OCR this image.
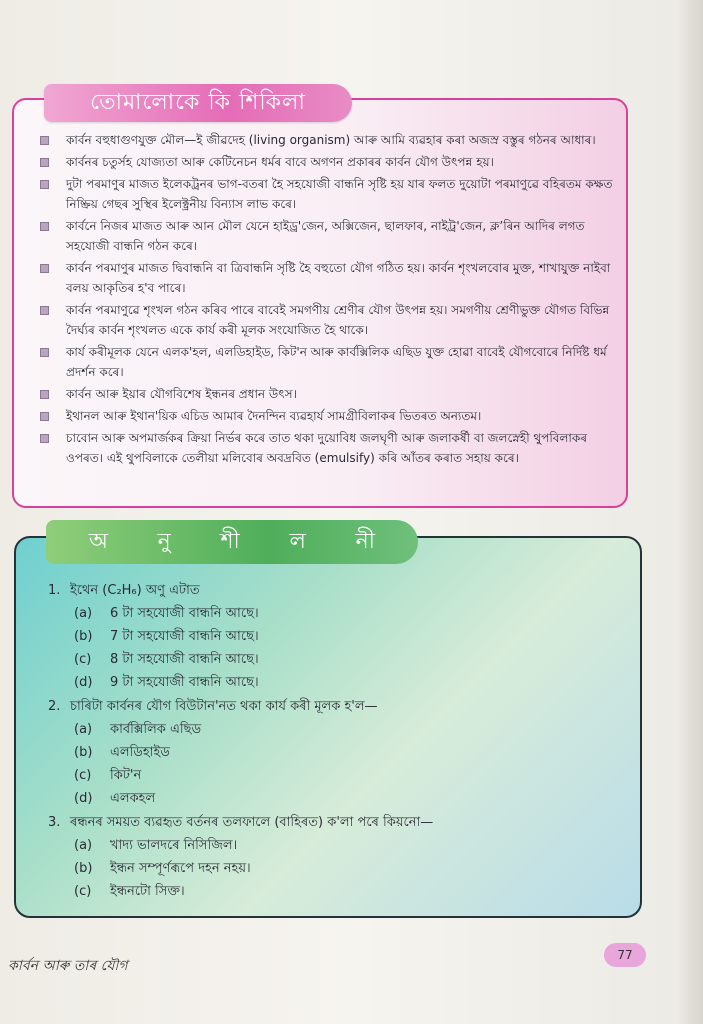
তোমালোকে কি শিকিলা
কাৰ্বন বহুধাগুণযুক্ত মৌল—ই জীৱদেহ (living organism) আৰু আমি ব্যৱহাৰ কৰা অজস্ৰ বস্তুৰ গঠনৰ আধাৰ।
কাৰ্বনৰ চতুৰ্সহ যোজ্যতা আৰু কেটিনেচন ধৰ্মৰ বাবে অগণন প্ৰকাৰৰ কাৰ্বন যৌগ উৎপন্ন হয়।
দুটা পৰমাণুৰ মাজত ইলেকট্ৰনৰ ভাগ-বতৰা হৈ সহযোজী বান্ধনি সৃষ্টি হয় যাৰ ফলত দুয়োটা পৰমাণুৱে বহিৰতম কক্ষত নিষ্ক্ৰিয় গেছৰ সুস্থিৰ ইলেক্ট্ৰনীয় বিন্যাস লাভ কৰে।
কাৰ্বনে নিজৰ মাজত আৰু আন মৌল যেনে হাইড্ৰ'জেন, অক্সিজেন, ছালফাৰ, নাইট্ৰ'জেন, ক্লʼৰিন আদিৰ লগত সহযোজী বান্ধনি গঠন কৰে।
কাৰ্বন পৰমাণুৰ মাজত দ্বিবান্ধনি বা ত্ৰিবান্ধনি সৃষ্টি হৈ বহুতো যৌগ গঠিত হয়। কাৰ্বন শৃংখলবোৰ মুক্ত, শাখাযুক্ত নাইবা বলয় আকৃতিৰ হ'ব পাৰে।
কাৰ্বন পৰমাণুৱে শৃংখল গঠন কৰিব পাৰে বাবেই সমগণীয় শ্ৰেণীৰ যৌগ উৎপন্ন হয়। সমগণীয় শ্ৰেণীভুক্ত যৌগত বিভিন্ন দৈৰ্ঘ্যৰ কাৰ্বন শৃংখলত একে কাৰ্য কৰী মূলক সংযোজিত হৈ থাকে।
কাৰ্য কৰীমূলক যেনে এলক'হল, এলডিহাইড, কিট'ন আৰু কাৰ্বক্সিলিক এছিড যুক্ত হোৱা বাবেই যৌগবোৰে নিৰ্দিষ্ট ধৰ্ম প্ৰদৰ্শন কৰে।
কাৰ্বন আৰু ইয়াৰ যৌগবিশেষ ইন্ধনৰ প্ৰধান উৎস।
ইথানল আৰু ইথান'য়িক এচিড আমাৰ দৈনন্দিন ব্যৱহাৰ্য সামগ্ৰীবিলাকৰ ভিতৰত অন্যতম।
চাবোন আৰু অপমাৰ্জকৰ ক্ৰিয়া নিৰ্ভৰ কৰে তাত থকা দুয়োবিধ জলঘৃণী আৰু জলাকৰ্ষী বা জলস্নেহী থুপবিলাকৰ ওপৰত। এই থুপবিলাকে তেলীয়া মলিবোৰ অবদ্ৰবিত (emulsify) কৰি আঁতৰ কৰাত সহায় কৰে।
অ নু শী ল নী
1. ইথেন (C₂H₆) অণু এটাত
(a) 6 টা সহযোজী বান্ধনি আছে।
(b) 7 টা সহযোজী বান্ধনি আছে।
(c) 8 টা সহযোজী বান্ধনি আছে।
(d) 9 টা সহযোজী বান্ধনি আছে।
2. চাৰিটা কাৰ্বনৰ যৌগ বিউটান'নত থকা কাৰ্য কৰী মূলক হ'ল—
(a) কাৰ্বক্সিলিক এছিড
(b) এলডিহাইড
(c) কিট'ন
(d) এলকহল
3. ৰন্ধনৰ সময়ত ব্যৱহৃত বৰ্তনৰ তলফালে (বাহিৰত) ক'লা পৰে কিয়নো—
(a) খাদ্য ভালদৰে নিসিজিল।
(b) ইন্ধন সম্পূৰ্ণৰূপে দহন নহয়।
(c) ইন্ধনটো সিক্ত।
কাৰ্বন আৰু তাৰ যৌগ
77
